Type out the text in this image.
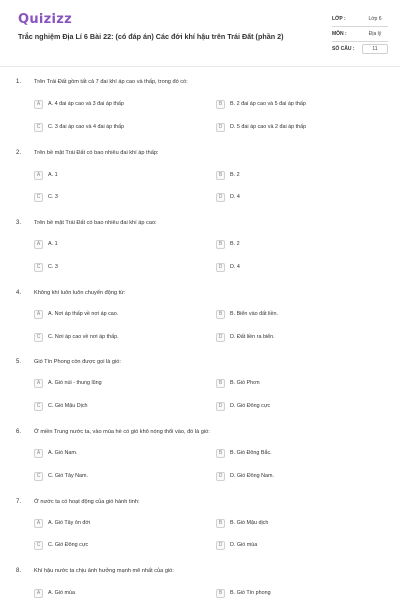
Quizizz
Trắc nghiệm Địa Lí 6 Bài 22: (có đáp án) Các đới khí hậu trên Trái Đất (phần 2)
LỚP :	Lớp 6
MÔN :	Địa lý
SỐ CÂU :	11
1. Trên Trái Đất gồm tất cả 7 đai khí áp cao và thấp, trong đó có:
A	A. 4 đai áp cao và 3 đai áp thấp	B	B. 2 đai áp cao và 5 đai áp thấp
C	C. 3 đai áp cao và 4 đai áp thấp	D	D. 5 đai áp cao và 2 đai áp thấp
2. Trên bề mặt Trái Đất có bao nhiêu đai khí áp thấp:
A	A. 1	B	B. 2
C	C. 3	D	D. 4
3. Trên bề mặt Trái Đất có bao nhiêu đai khí áp cao:
A	A. 1	B	B. 2
C	C. 3	D	D. 4
4. Không khí luôn luôn chuyển động từ:
A	A. Nơi áp thấp về nơi áp cao.	B	B. Biển vào đất liền.
C	C. Nơi áp cao về nơi áp thấp.	D	D. Đất liền ra biển.
5. Gió Tín Phong còn được gọi là gió:
A	A. Gió núi - thung lũng	B	B. Gió Phơn
C	C. Gió Mậu Dịch	D	D. Gió Đông cực
6. Ở miền Trung nước ta, vào mùa hè có gió khô nóng thổi vào, đó là gió:
A	A. Gió Nam.	B	B. Gió Đông Bắc.
C	C. Gió Tây Nam.	D	D. Gió Đông Nam.
7. Ở nước ta có hoạt động của gió hành tinh:
A	A. Gió Tây ôn đới	B	B. Gió Mậu dịch
C	C. Gió Đông cực	D	D. Gió mùa
8. Khí hậu nước ta chịu ảnh hưởng mạnh mẽ nhất của gió:
A	A. Gió mùa	B	B. Gió Tín phong
